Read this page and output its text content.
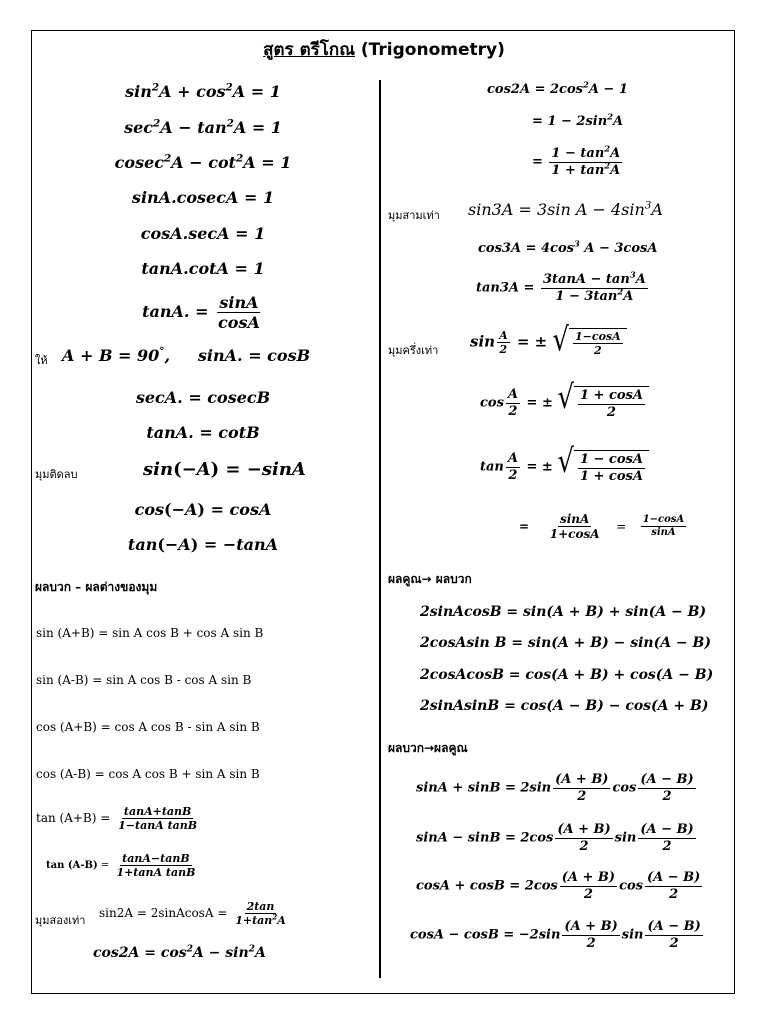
สูตร ตรีโกณ (Trigonometry)
$\sin^2A + \cos^2A = 1$
$\sec^2A - \tan^2A = 1$
$cosec^2A - \cot^2A = 1$
sinA.cosecA = 1
cosA.secA = 1
tanA.cotA = 1
tanA. = $\frac{\sin A}{\cos A}$
ให้ A + B = 90°,     sinA. = cosB
secA. = cosecB
tanA. = cotB
มุมติดลบ	sin(−A) = −sinA
cos(−A) = cosA
tan(−A) = −tanA
ผลบวก – ผลต่างของมุม
sin (A+B) = sin A cos B + cos A sin B
sin (A-B) = sin A cos B - cos A sin B
cos (A+B) = cos A cos B - sin A sin B
cos (A-B) = cos A cos B + sin A sin B
$\tan (A+B) = \frac{\tan A+\tan B}{\text{1−tanA tanB}}$
$\tan (A-B) = \frac{\tan A-\tan B}{\text{1+tanA tanB}}$
มุมสองเท่า
sin2A = 2sinAcosA = $\frac{2\tan}{1+\tan^2A}$
$\cos 2A = \cos^2A - \sin^2A$
$\cos 2A = 2\cos^2A - 1$
= $1 - 2\sin^2A$
= $\frac{1 - \tan^2A}{1 + \tan^2A}$
มุมสามเท่า sin3A = 3sin $A - 4\sin^3A$
$\cos 3A = 4\cos^3$ A − 3cosA
$\tan 3A = \frac{3\tan A - \tan^3A}{1 - 3\tan^2A}$
มุมครึ่งเท่า $\sin \frac{A}{2}$ = ± √ $\frac{1-\cos A}{2}$
$\cos \frac{A}{2}$ = ± √ $\frac{1 + \cos A}{2}$
$\tan \frac{A}{2}$ = ± √ $\frac{1 - \cos A}{1 + \cos A}$
= $\frac{\sin A}{1+\cos A} = \frac{1-\cos A}{\sin A}$
ผลคูณ→ ผลบวก
2sinAcosB = sin(A + B) + sin(A − B)
2cosAsin B = sin(A + B) − sin(A − B)
2cosAcosB = cos(A + B) + cos(A − B)
2sinAsinB = cos(A − B) − cos(A + B)
ผลบวก→ผลคูณ
$\sin A + \sin B = 2\sin \frac{(A + B)}{2}$ $\cos \frac{(A - B)}{2}$
$\sin A - \sin B = 2\cos \frac{(A + B)}{2}$ $\sin \frac{(A - B)}{2}$
$\cos A + \cos B = 2\cos \frac{(A + B)}{2}$ $\cos \frac{(A - B)}{2}$
$\cos A - \cos B = -2\sin \frac{(A + B)}{2}$ $\sin \frac{(A - B)}{2}$
